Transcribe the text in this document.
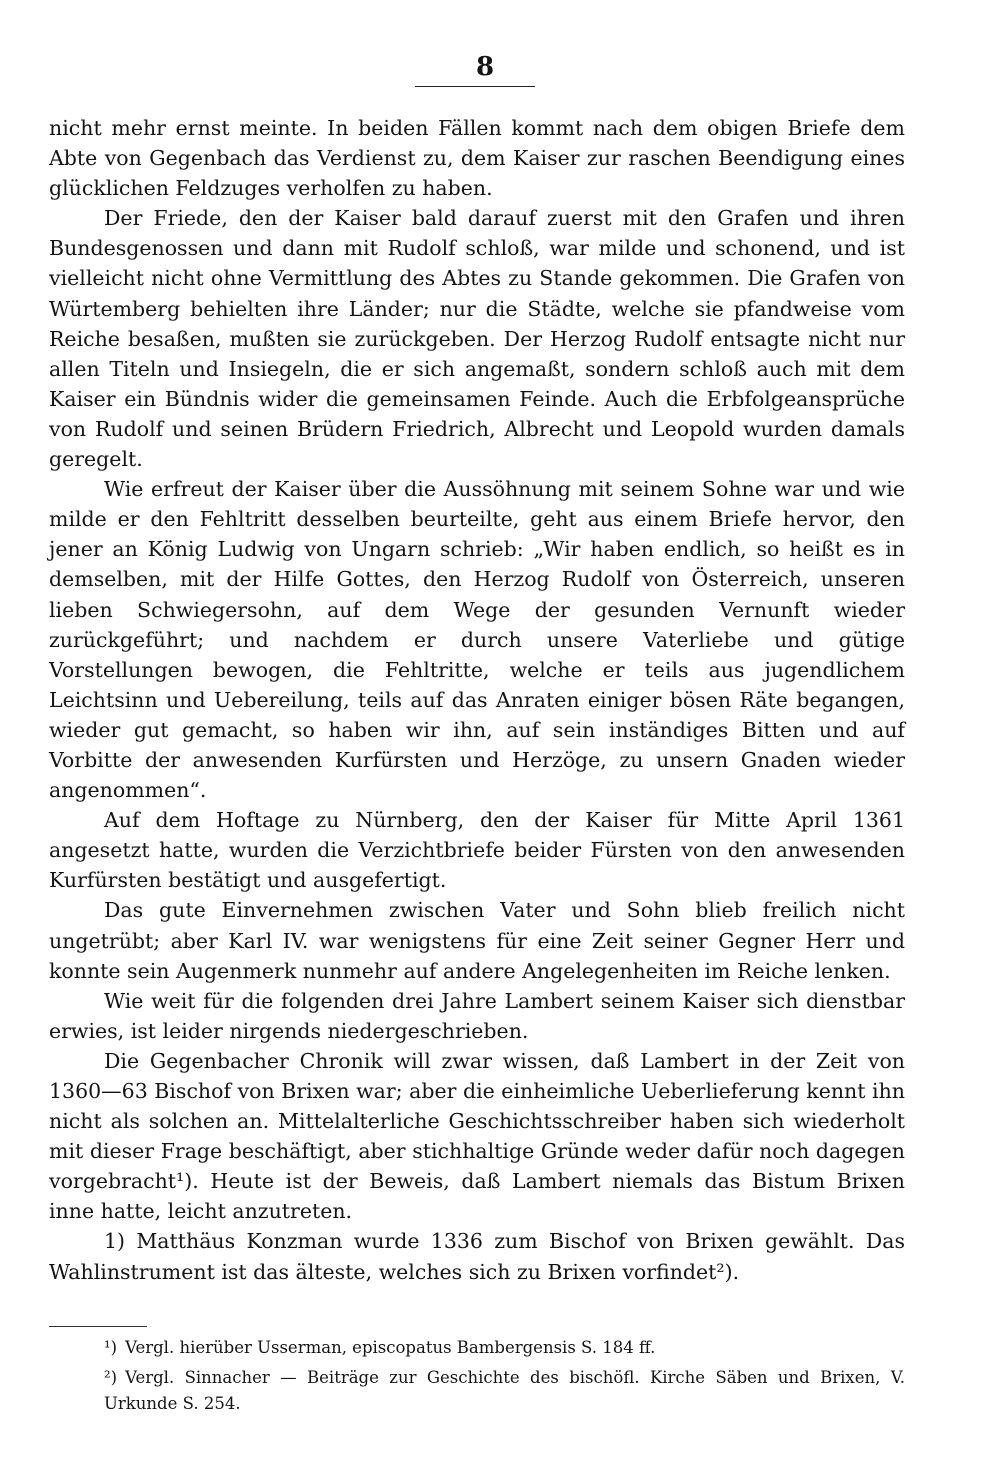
8

nicht mehr ernst meinte. In beiden Fällen kommt nach dem obigen Briefe dem Abte von Gegenbach das Verdienst zu, dem Kaiser zur raschen Beendigung eines glücklichen Feldzuges verholfen zu haben.

Der Friede, den der Kaiser bald darauf zuerst mit den Grafen und ihren Bundesgenossen und dann mit Rudolf schloß, war milde und schonend, und ist vielleicht nicht ohne Vermittlung des Abtes zu Stande gekommen. Die Grafen von Würtemberg behielten ihre Länder; nur die Städte, welche sie pfandweise vom Reiche besaßen, mußten sie zurückgeben. Der Herzog Rudolf entsagte nicht nur allen Titeln und Insiegeln, die er sich angemaßt, sondern schloß auch mit dem Kaiser ein Bündnis wider die gemeinsamen Feinde. Auch die Erbfolgeansprüche von Rudolf und seinen Brüdern Friedrich, Albrecht und Leopold wurden damals geregelt.

Wie erfreut der Kaiser über die Aussöhnung mit seinem Sohne war und wie milde er den Fehltritt desselben beurteilte, geht aus einem Briefe hervor, den jener an König Ludwig von Ungarn schrieb: „Wir haben endlich, so heißt es in demselben, mit der Hilfe Gottes, den Herzog Rudolf von Österreich, unseren lieben Schwiegersohn, auf dem Wege der gesunden Vernunft wieder zurückgeführt; und nachdem er durch unsere Vaterliebe und gütige Vorstellungen bewogen, die Fehltritte, welche er teils aus jugendlichem Leichtsinn und Uebereilung, teils auf das Anraten einiger bösen Räte begangen, wieder gut gemacht, so haben wir ihn, auf sein inständiges Bitten und auf Vorbitte der anwesenden Kurfürsten und Herzöge, zu unsern Gnaden wieder angenommen“.

Auf dem Hoftage zu Nürnberg, den der Kaiser für Mitte April 1361 angesetzt hatte, wurden die Verzichtbriefe beider Fürsten von den anwesenden Kurfürsten bestätigt und ausgefertigt.

Das gute Einvernehmen zwischen Vater und Sohn blieb freilich nicht ungetrübt; aber Karl IV. war wenigstens für eine Zeit seiner Gegner Herr und konnte sein Augenmerk nunmehr auf andere Angelegenheiten im Reiche lenken.

Wie weit für die folgenden drei Jahre Lambert seinem Kaiser sich dienstbar erwies, ist leider nirgends niedergeschrieben.

Die Gegenbacher Chronik will zwar wissen, daß Lambert in der Zeit von 1360—63 Bischof von Brixen war; aber die einheimliche Ueberlieferung kennt ihn nicht als solchen an. Mittelalterliche Geschichtsschreiber haben sich wiederholt mit dieser Frage beschäftigt, aber stichhaltige Gründe weder dafür noch dagegen vorgebracht¹). Heute ist der Beweis, daß Lambert niemals das Bistum Brixen inne hatte, leicht anzutreten.

1) Matthäus Konzman wurde 1336 zum Bischof von Brixen gewählt. Das Wahlinstrument ist das älteste, welches sich zu Brixen vorfindet²).

¹) Vergl. hierüber Usserman, episcopatus Bambergensis S. 184 ff.

²) Vergl. Sinnacher — Beiträge zur Geschichte des bischöfl. Kirche Säben und Brixen, V. Urkunde S. 254.
